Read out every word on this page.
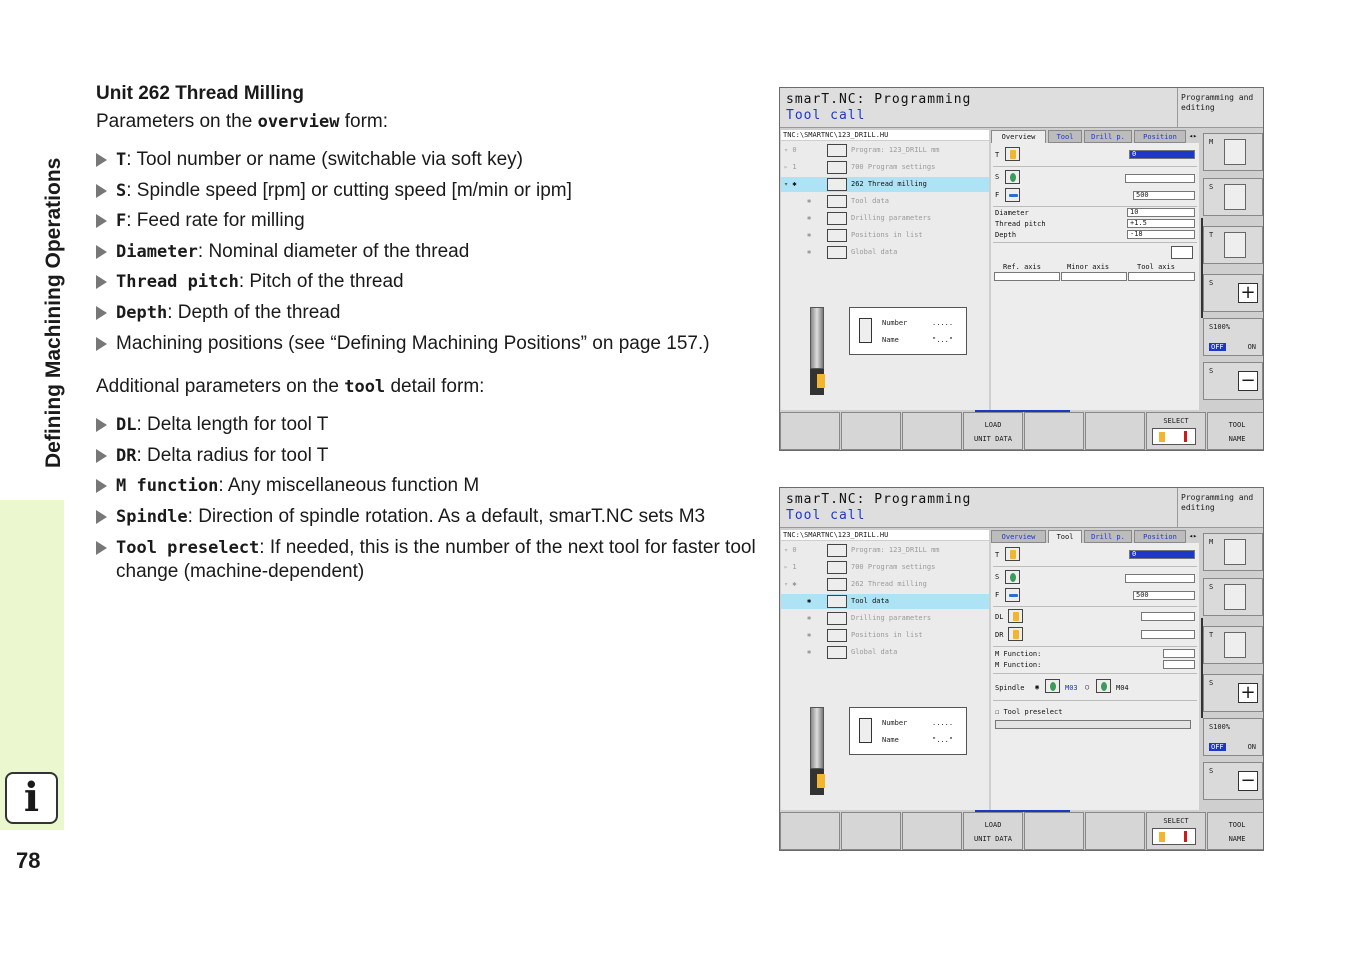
Defining Machining Operations
i
78
Unit 262 Thread Milling
Parameters on the overview form:
T: Tool number or name (switchable via soft key)
S: Spindle speed [rpm] or cutting speed [m/min or ipm]
F: Feed rate for milling
Diameter: Nominal diameter of the thread
Thread pitch: Pitch of the thread
Depth: Depth of the thread
Machining positions (see “Defining Machining Positions” on page 157.)
Additional parameters on the tool detail form:
DL: Delta length for tool T
DR: Delta radius for tool T
M function: Any miscellaneous function M
Spindle: Direction of spindle rotation. As a default, smarT.NC sets M3
Tool preselect: If needed, this is the number of the next tool for faster tool change (machine-dependent)
smarT.NC: Programming
Tool call
Programming and editing
TNC:\SMARTNC\123_DRILL.HU
▿ 0	Program: 123_DRILL mm
▹ 1	700 Program settings
▿ ✱	262 Thread milling
✱	Tool data
✱	Drilling parameters
✱	Positions in list
✱	Global data
Number	.....
Name	"..."
Overview	Tool	Drill p.	Position	◂▸
T	0
S
F	500
Diameter	10
Thread pitch	+1.5
Depth	-18
Ref. axis	Minor axis	Tool axis
M
S
T
S +
S100%
OFF	ON
S −
LOAD
UNIT DATA
SELECT	TOOL
NAME
smarT.NC: Programming
Tool call
Programming and editing
TNC:\SMARTNC\123_DRILL.HU
▿ 0	Program: 123_DRILL mm
▹ 1	700 Program settings
▿ ✱	262 Thread milling
✱	Tool data
✱	Drilling parameters
✱	Positions in list
✱	Global data
Number	.....
Name	"..."
Overview	Tool	Drill p.	Position	◂▸
T	0
S
F	500
DL
DR
M Function:
M Function:
Spindle ◉	M03 ○	M04
☐ Tool preselect
M
S
T
S +
S100%
OFF	ON
S −
LOAD
UNIT DATA
SELECT	TOOL
NAME
